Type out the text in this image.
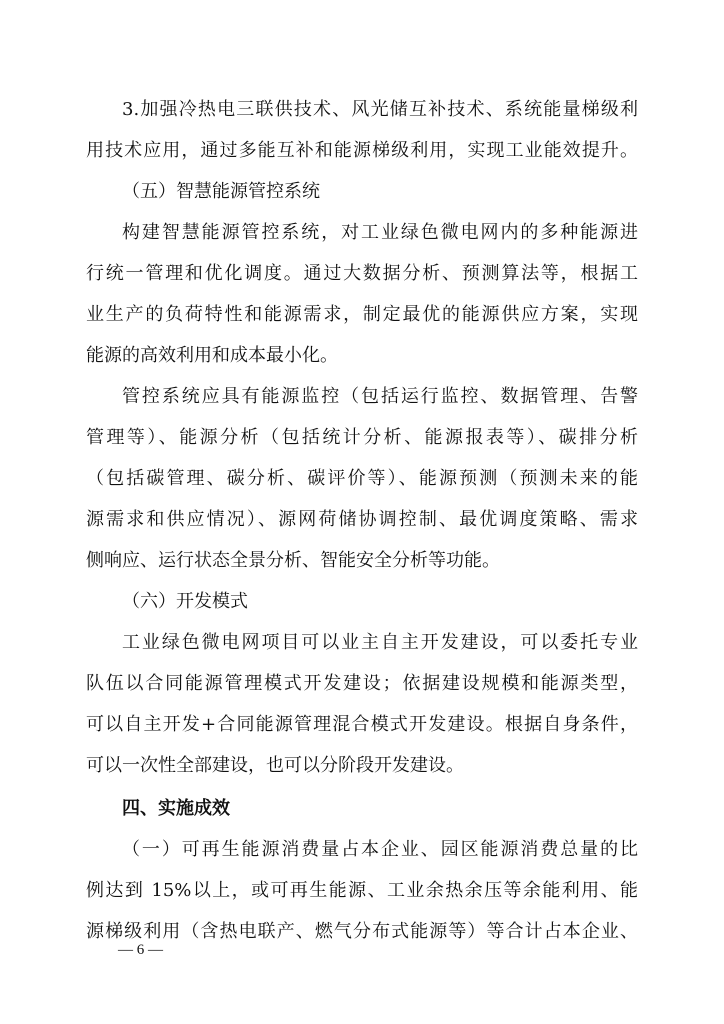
3.加强冷热电三联供技术、风光储互补技术、系统能量梯级利
用技术应用，通过多能互补和能源梯级利用，实现工业能效提升。
（五）智慧能源管控系统
构建智慧能源管控系统，对工业绿色微电网内的多种能源进
行统一管理和优化调度。通过大数据分析、预测算法等，根据工
业生产的负荷特性和能源需求，制定最优的能源供应方案，实现
能源的高效利用和成本最小化。
管控系统应具有能源监控（包括运行监控、数据管理、告警
管理等）、能源分析（包括统计分析、能源报表等）、碳排分析
（包括碳管理、碳分析、碳评价等）、能源预测（预测未来的能
源需求和供应情况）、源网荷储协调控制、最优调度策略、需求
侧响应、运行状态全景分析、智能安全分析等功能。
（六）开发模式
工业绿色微电网项目可以业主自主开发建设，可以委托专业
队伍以合同能源管理模式开发建设；依据建设规模和能源类型，
可以自主开发+合同能源管理混合模式开发建设。根据自身条件，
可以一次性全部建设，也可以分阶段开发建设。
四、实施成效
（一）可再生能源消费量占本企业、园区能源消费总量的比
例达到 15%以上，或可再生能源、工业余热余压等余能利用、能
源梯级利用（含热电联产、燃气分布式能源等）等合计占本企业、
— 6 —
